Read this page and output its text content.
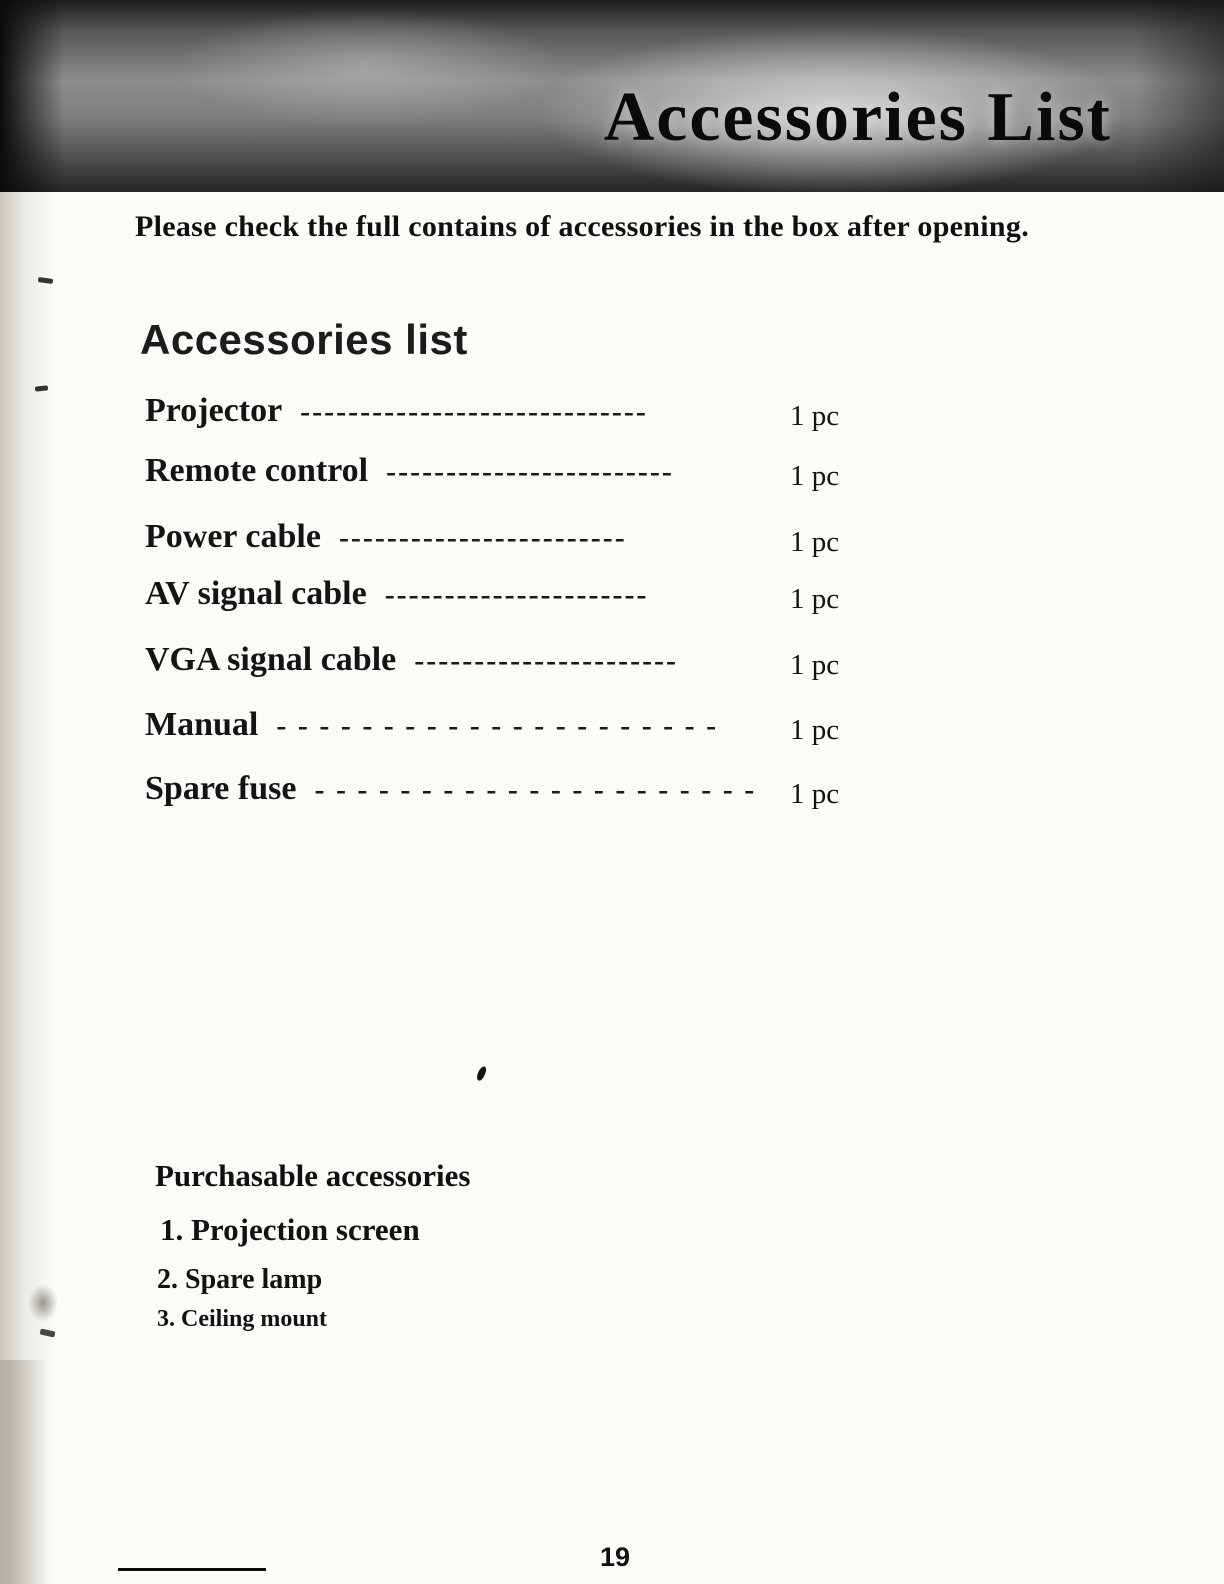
Accessories List
Please check the full contains of accessories in the box after opening.
Accessories list
Projector -----------------------------	1 pc
Remote control ------------------------	1 pc
Power cable ------------------------	1 pc
AV signal cable ----------------------	1 pc
VGA signal cable ----------------------	1 pc
Manual - - - - - - - - - - - - - - - - - - - - - 1 pc
Spare fuse - - - - - - - - - - - - - - - - - - - - - 1 pc
Purchasable accessories
1. Projection screen
2. Spare lamp
3. Ceiling mount
19
